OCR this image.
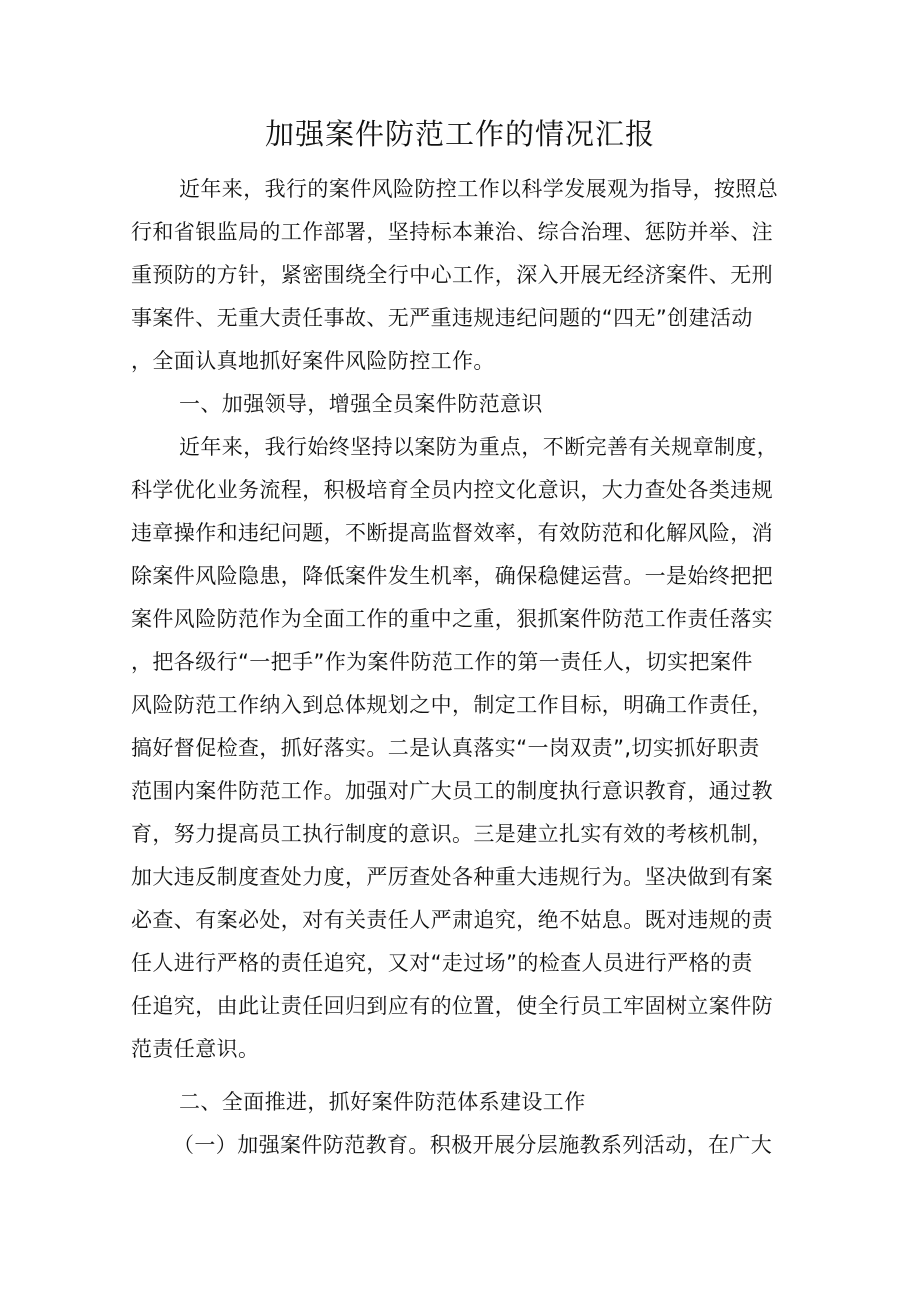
加强案件防范工作的情况汇报
近年来，我行的案件风险防控工作以科学发展观为指导，按照总
行和省银监局的工作部署，坚持标本兼治、综合治理、惩防并举、注
重预防的方针，紧密围绕全行中心工作，深入开展无经济案件、无刑
事案件、无重大责任事故、无严重违规违纪问题的“四无”创建活动
，全面认真地抓好案件风险防控工作。
一、加强领导，增强全员案件防范意识
近年来，我行始终坚持以案防为重点，不断完善有关规章制度，
科学优化业务流程，积极培育全员内控文化意识，大力查处各类违规
违章操作和违纪问题，不断提高监督效率，有效防范和化解风险，消
除案件风险隐患，降低案件发生机率，确保稳健运营。一是始终把把
案件风险防范作为全面工作的重中之重，狠抓案件防范工作责任落实
，把各级行“一把手”作为案件防范工作的第一责任人，切实把案件
风险防范工作纳入到总体规划之中，制定工作目标，明确工作责任，
搞好督促检查，抓好落实。二是认真落实“一岗双责”,切实抓好职责
范围内案件防范工作。加强对广大员工的制度执行意识教育，通过教
育，努力提高员工执行制度的意识。三是建立扎实有效的考核机制，
加大违反制度查处力度，严厉查处各种重大违规行为。坚决做到有案
必查、有案必处，对有关责任人严肃追究，绝不姑息。既对违规的责
任人进行严格的责任追究，又对“走过场”的检查人员进行严格的责
任追究，由此让责任回归到应有的位置，使全行员工牢固树立案件防
范责任意识。
二、全面推进，抓好案件防范体系建设工作
（一）加强案件防范教育。积极开展分层施教系列活动，在广大
